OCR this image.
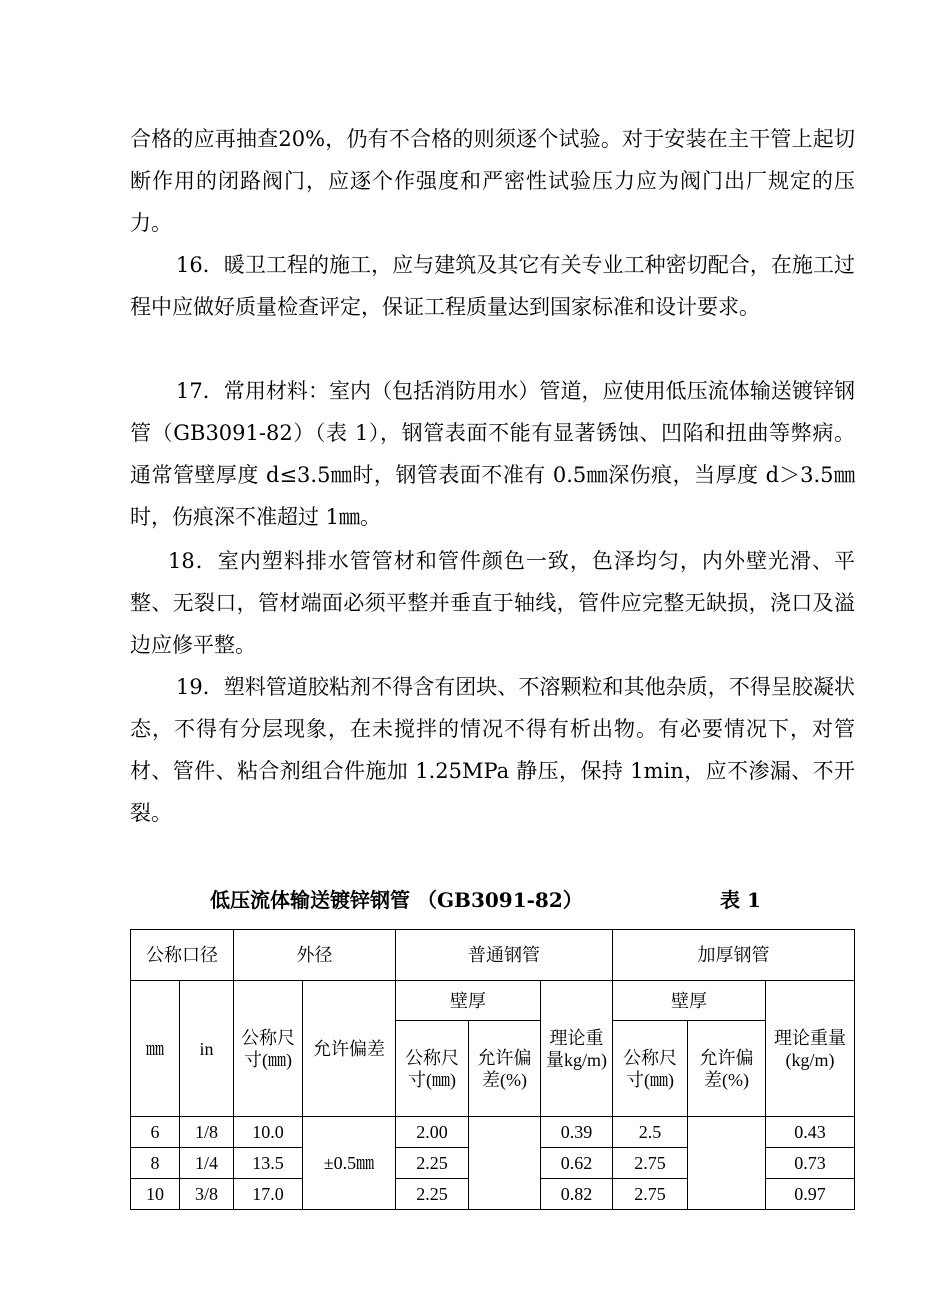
合格的应再抽查20%，仍有不合格的则须逐个试验。对于安装在主干管上起切断作用的闭路阀门，应逐个作强度和严密性试验压力应为阀门出厂规定的压力。

16．暖卫工程的施工，应与建筑及其它有关专业工种密切配合，在施工过程中应做好质量检查评定，保证工程质量达到国家标准和设计要求。

17．常用材料：室内（包括消防用水）管道，应使用低压流体输送镀锌钢管（GB3091-82）（表 1），钢管表面不能有显著锈蚀、凹陷和扭曲等弊病。通常管壁厚度 d≤3.5㎜时，钢管表面不准有 0.5㎜深伤痕，当厚度 d＞3.5㎜时，伤痕深不准超过 1㎜。

18．室内塑料排水管管材和管件颜色一致，色泽均匀，内外壁光滑、平整、无裂口，管材端面必须平整并垂直于轴线，管件应完整无缺损，浇口及溢边应修平整。

19．塑料管道胶粘剂不得含有团块、不溶颗粒和其他杂质，不得呈胶凝状态，不得有分层现象，在未搅拌的情况不得有析出物。有必要情况下，对管材、管件、粘合剂组合件施加 1.25MPa 静压，保持 1min，应不渗漏、不开裂。

低压流体输送镀锌钢管 （GB3091-82）	表 1
公称口径		外径		普通钢管			加厚钢管		
㎜	in	公称尺寸(㎜)	允许偏差	壁厚		理论重量kg/m)	壁厚		理论重量(kg/m)
				公称尺寸(㎜)	允许偏差(%)		公称尺寸(㎜)	允许偏差(%)	
6	1/8	10.0	±0.5㎜	2.00		0.39	2.5		0.43
8	1/4	13.5		2.25		0.62	2.75		0.73
10	3/8	17.0		2.25		0.82	2.75		0.97
